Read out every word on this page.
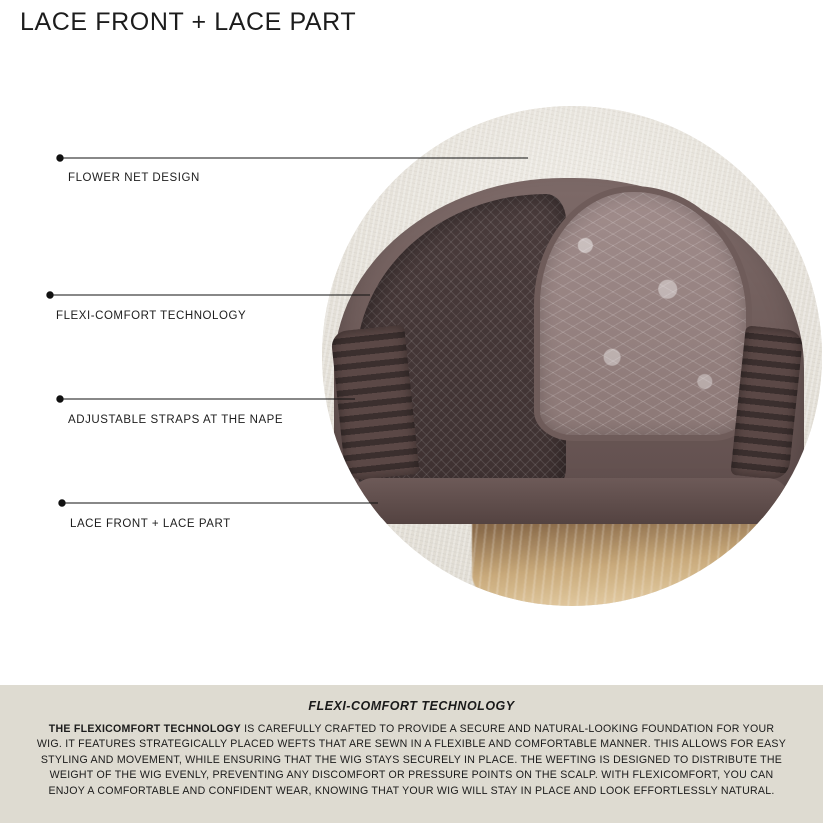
LACE FRONT + LACE PART
FLOWER NET DESIGN
FLEXI-COMFORT TECHNOLOGY
ADJUSTABLE STRAPS AT THE NAPE
LACE FRONT + LACE PART
FLEXI-COMFORT TECHNOLOGY
THE FLEXICOMFORT TECHNOLOGY IS CAREFULLY CRAFTED TO PROVIDE A SECURE AND NATURAL-LOOKING FOUNDATION FOR YOUR WIG. IT FEATURES STRATEGICALLY PLACED WEFTS THAT ARE SEWN IN A FLEXIBLE AND COMFORTABLE MANNER. THIS ALLOWS FOR EASY STYLING AND MOVEMENT, WHILE ENSURING THAT THE WIG STAYS SECURELY IN PLACE. THE WEFTING IS DESIGNED TO DISTRIBUTE THE WEIGHT OF THE WIG EVENLY, PREVENTING ANY DISCOMFORT OR PRESSURE POINTS ON THE SCALP. WITH FLEXICOMFORT, YOU CAN ENJOY A COMFORTABLE AND CONFIDENT WEAR, KNOWING THAT YOUR WIG WILL STAY IN PLACE AND LOOK EFFORTLESSLY NATURAL.
